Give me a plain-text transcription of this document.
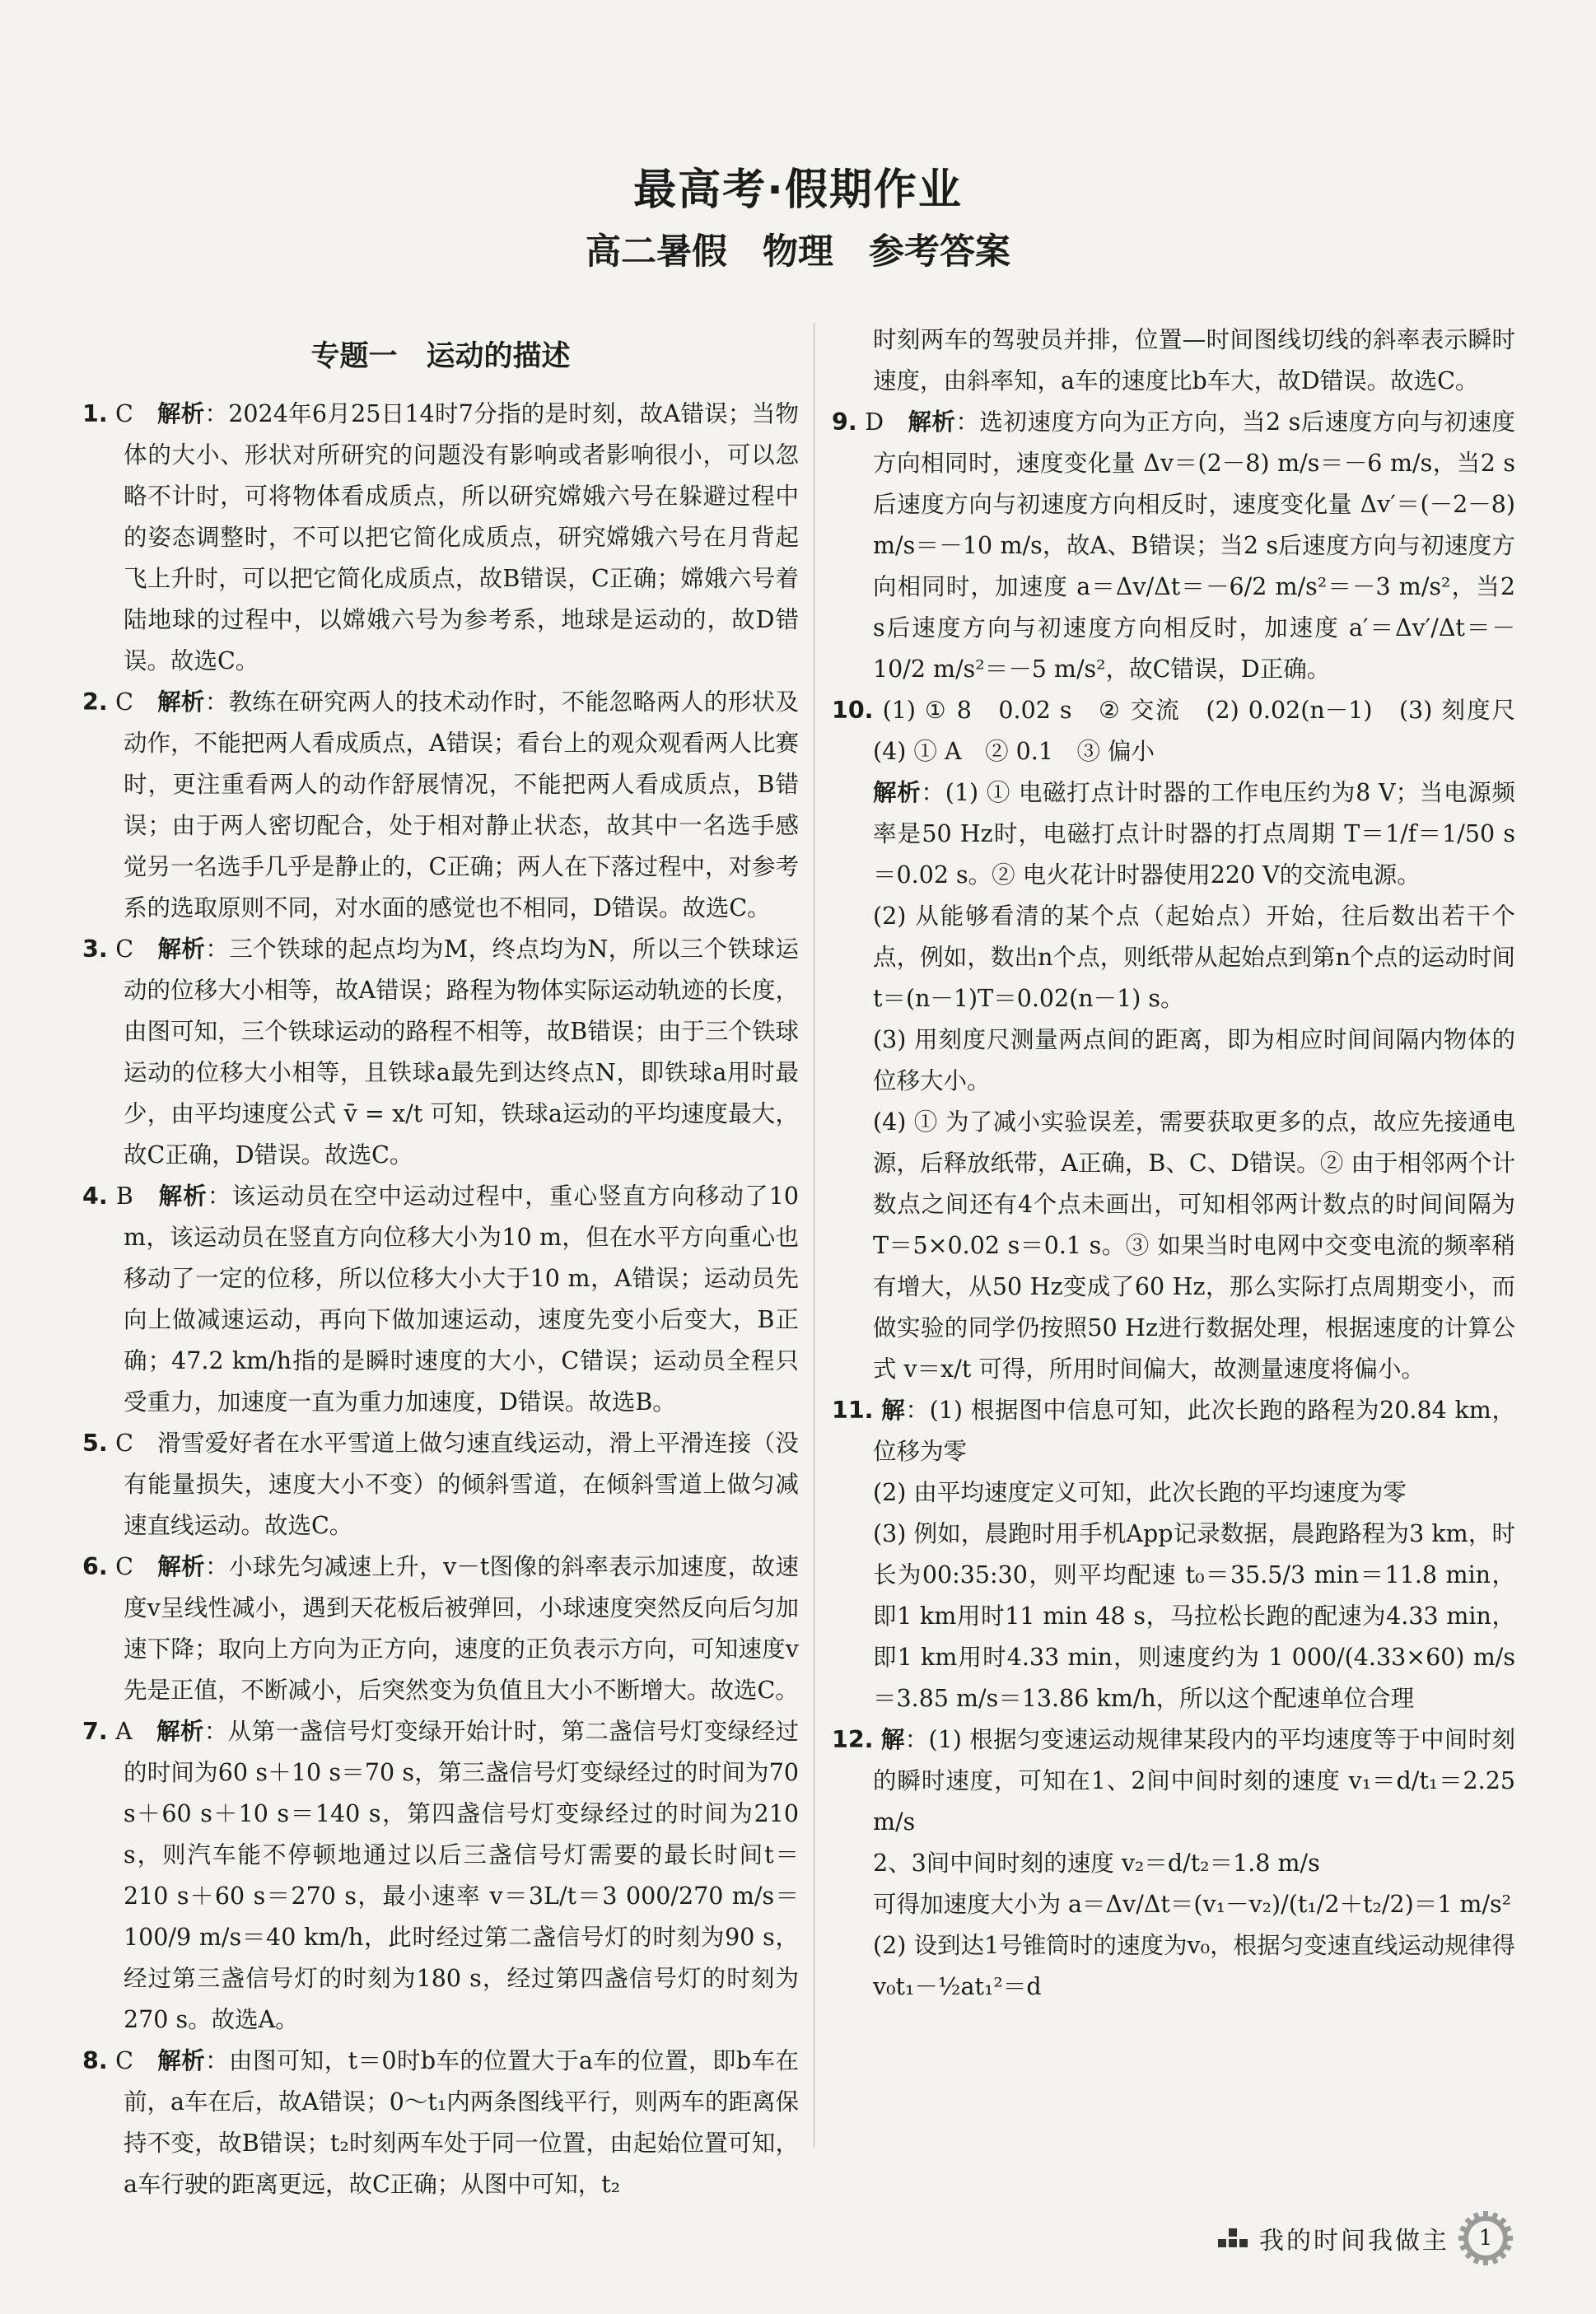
最高考·假期作业
高二暑假　物理　参考答案
专题一　运动的描述

1. C　 解析：2024年6月25日14时7分指的是时刻，故A错误；当物体的大小、形状对所研究的问题没有影响或者影响很小，可以忽略不计时，可将物体看成质点，所以研究嫦娥六号在躲避过程中的姿态调整时，不可以把它简化成质点，研究嫦娥六号在月背起飞上升时，可以把它简化成质点，故B错误，C正确；嫦娥六号着陆地球的过程中，以嫦娥六号为参考系，地球是运动的，故D错误。故选C。

2. C　 解析：教练在研究两人的技术动作时，不能忽略两人的形状及动作，不能把两人看成质点，A错误；看台上的观众观看两人比赛时，更注重看两人的动作舒展情况，不能把两人看成质点，B错误；由于两人密切配合，处于相对静止状态，故其中一名选手感觉另一名选手几乎是静止的，C正确；两人在下落过程中，对参考系的选取原则不同，对水面的感觉也不相同，D错误。故选C。

3. C　 解析：三个铁球的起点均为M，终点均为N，所以三个铁球运动的位移大小相等，故A错误；路程为物体实际运动轨迹的长度，由图可知，三个铁球运动的路程不相等，故B错误；由于三个铁球运动的位移大小相等，且铁球a最先到达终点N，即铁球a用时最少，由平均速度公式 v̄ = x/t 可知，铁球a运动的平均速度最大，故C正确，D错误。故选C。

4. B　 解析：该运动员在空中运动过程中，重心竖直方向移动了10 m，该运动员在竖直方向位移大小为10 m，但在水平方向重心也移动了一定的位移，所以位移大小大于10 m，A错误；运动员先向上做减速运动，再向下做加速运动，速度先变小后变大，B正确；47.2 km/h指的是瞬时速度的大小，C错误；运动员全程只受重力，加速度一直为重力加速度，D错误。故选B。

5. C　 滑雪爱好者在水平雪道上做匀速直线运动，滑上平滑连接（没有能量损失，速度大小不变）的倾斜雪道，在倾斜雪道上做匀减速直线运动。故选C。

6. C　 解析：小球先匀减速上升，v－t图像的斜率表示加速度，故速度v呈线性减小，遇到天花板后被弹回，小球速度突然反向后匀加速下降；取向上方向为正方向，速度的正负表示方向，可知速度v先是正值，不断减小，后突然变为负值且大小不断增大。故选C。

7. A　 解析：从第一盏信号灯变绿开始计时，第二盏信号灯变绿经过的时间为60 s＋10 s＝70 s，第三盏信号灯变绿经过的时间为70 s＋60 s＋10 s＝140 s，第四盏信号灯变绿经过的时间为210 s，则汽车能不停顿地通过以后三盏信号灯需要的最长时间t＝210 s＋60 s＝270 s，最小速率 v＝3L/t＝3 000/270 m/s＝100/9 m/s＝40 km/h，此时经过第二盏信号灯的时刻为90 s，经过第三盏信号灯的时刻为180 s，经过第四盏信号灯的时刻为270 s。故选A。

8. C　 解析：由图可知，t＝0时b车的位置大于a车的位置，即b车在前，a车在后，故A错误；0～t₁内两条图线平行，则两车的距离保持不变，故B错误；t₂时刻两车处于同一位置，由起始位置可知，a车行驶的距离更远，故C正确；从图中可知，t₂

时刻两车的驾驶员并排，位置—时间图线切线的斜率表示瞬时速度，由斜率知，a车的速度比b车大，故D错误。故选C。

9. D　 解析：选初速度方向为正方向，当2 s后速度方向与初速度方向相同时，速度变化量 Δv＝(2－8) m/s＝－6 m/s，当2 s后速度方向与初速度方向相反时，速度变化量 Δv′＝(－2－8) m/s＝－10 m/s，故A、B错误；当2 s后速度方向与初速度方向相同时，加速度 a＝Δv/Δt＝－6/2 m/s²＝－3 m/s²，当2 s后速度方向与初速度方向相反时，加速度 a′＝Δv′/Δt＝－10/2 m/s²＝－5 m/s²，故C错误，D正确。

10. (1) ① 8　0.02 s　② 交流　(2) 0.02(n－1)　(3) 刻度尺　(4) ① A　② 0.1　③ 偏小　

解析：(1) ① 电磁打点计时器的工作电压约为8 V；当电源频率是50 Hz时，电磁打点计时器的打点周期 T＝1/f＝1/50 s＝0.02 s。② 电火花计时器使用220 V的交流电源。

(2) 从能够看清的某个点（起始点）开始，往后数出若干个点，例如，数出n个点，则纸带从起始点到第n个点的运动时间 t＝(n－1)T＝0.02(n－1) s。

(3) 用刻度尺测量两点间的距离，即为相应时间间隔内物体的位移大小。

(4) ① 为了减小实验误差，需要获取更多的点，故应先接通电源，后释放纸带，A正确，B、C、D错误。② 由于相邻两个计数点之间还有4个点未画出，可知相邻两计数点的时间间隔为 T＝5×0.02 s＝0.1 s。③ 如果当时电网中交变电流的频率稍有增大，从50 Hz变成了60 Hz，那么实际打点周期变小，而做实验的同学仍按照50 Hz进行数据处理，根据速度的计算公式 v＝x/t 可得，所用时间偏大，故测量速度将偏小。

11. 解：(1) 根据图中信息可知，此次长跑的路程为20.84 km，位移为零

(2) 由平均速度定义可知，此次长跑的平均速度为零

(3) 例如，晨跑时用手机App记录数据，晨跑路程为3 km，时长为00:35:30，则平均配速 t₀＝35.5/3 min＝11.8 min，即1 km用时11 min 48 s，马拉松长跑的配速为4.33 min，即1 km用时4.33 min，则速度约为 1 000/(4.33×60) m/s＝3.85 m/s＝13.86 km/h，所以这个配速单位合理

12. 解：(1) 根据匀变速运动规律某段内的平均速度等于中间时刻的瞬时速度，可知在1、2间中间时刻的速度 v₁＝d/t₁＝2.25 m/s

2、3间中间时刻的速度 v₂＝d/t₂＝1.8 m/s

可得加速度大小为 a＝Δv/Δt＝(v₁－v₂)/(t₁/2＋t₂/2)＝1 m/s²

(2) 设到达1号锥筒时的速度为v₀，根据匀变速直线运动规律得 v₀t₁－½at₁²＝d

我的时间我做主	1
